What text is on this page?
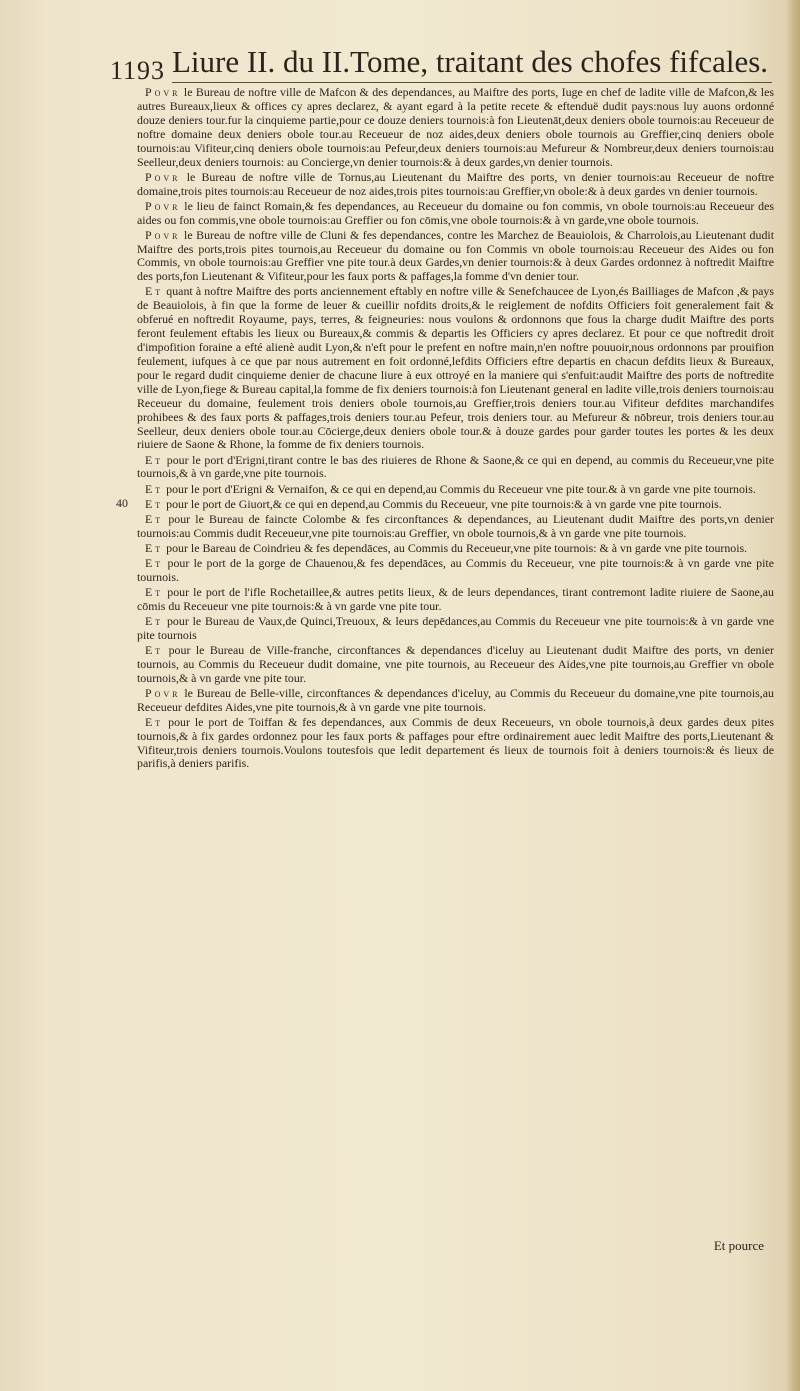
1193 Liure II. du II.Tome, traitant des chofes fifcales.
40

Povr le Bureau de noftre ville de Mafcon & des dependances, au Maiftre des ports, Iuge en chef de ladite ville de Mafcon,& les autres Bureaux,lieux & offices cy apres declarez, & ayant egard à la petite recete & eftenduë dudit pays:nous luy auons ordonné douze deniers tour.fur la cinquieme partie,pour ce douze deniers tournois:à fon Lieutenāt,deux deniers obole tournois:au Receueur de noftre domaine deux deniers obole tour.au Receueur de noz aides,deux deniers obole tournois au Greffier,cinq deniers obole tournois:au Vifiteur,cinq deniers obole tournois:au Pefeur,deux deniers tournois:au Mefureur & Nombreur,deux deniers tournois:au Seelleur,deux deniers tournois: au Concierge,vn denier tournois:& à deux gardes,vn denier tournois.

Povr le Bureau de noftre ville de Tornus,au Lieutenant du Maiftre des ports, vn denier tournois:au Receueur de noftre domaine,trois pites tournois:au Receueur de noz aides,trois pites tournois:au Greffier,vn obole:& à deux gardes vn denier tournois.

Povr le lieu de fainct Romain,& fes dependances, au Receueur du domaine ou fon commis, vn obole tournois:au Receueur des aides ou fon commis,vne obole tournois:au Greffier ou fon cōmis,vne obole tournois:& à vn garde,vne obole tournois.

Povr le Bureau de noftre ville de Cluni & fes dependances, contre les Marchez de Beauiolois, & Charrolois,au Lieutenant dudit Maiftre des ports,trois pites tournois,au Receueur du domaine ou fon Commis vn obole tournois:au Receueur des Aides ou fon Commis, vn obole tournois:au Greffier vne pite tour.à deux Gardes,vn denier tournois:& à deux Gardes ordonnez à noftredit Maiftre des ports,fon Lieutenant & Vifiteur,pour les faux ports & paffages,la fomme d'vn denier tour.

Et quant à noftre Maiftre des ports anciennement eftably en noftre ville & Senefchaucee de Lyon,és Bailliages de Mafcon ,& pays de Beauiolois, à fin que la forme de leuer & cueillir nofdits droits,& le reiglement de nofdits Officiers foit generalement fait & obferué en noftredit Royaume, pays, terres, & feigneuries: nous voulons & ordonnons que fous la charge dudit Maiftre des ports feront feulement eftabis les lieux ou Bureaux,& commis & departis les Officiers cy apres declarez. Et pour ce que noftredit droit d'impofition foraine a efté alienè audit Lyon,& n'eft pour le prefent en noftre main,n'en noftre pouuoir,nous ordonnons par prouifion feulement, iufques à ce que par nous autrement en foit ordonné,lefdits Officiers eftre departis en chacun defdits lieux & Bureaux, pour le regard dudit cinquieme denier de chacune liure à eux ottroyé en la maniere qui s'enfuit:audit Maiftre des ports de noftredite ville de Lyon,fiege & Bureau capital,la fomme de fix deniers tournois:à fon Lieutenant general en ladite ville,trois deniers tournois:au Receueur du domaine, feulement trois deniers obole tournois,au Greffier,trois deniers tour.au Vifiteur defdites marchandifes prohibees & des faux ports & paffages,trois deniers tour.au Pefeur, trois deniers tour. au Mefureur & nōbreur, trois deniers tour.au Seelleur, deux deniers obole tour.au Cōcierge,deux deniers obole tour.& à douze gardes pour garder toutes les portes & les deux riuiere de Saone & Rhone, la fomme de fix deniers tournois.

Et pour le port d'Erigni,tirant contre le bas des riuieres de Rhone & Saone,& ce qui en depend, au commis du Receueur,vne pite tournois,& à vn garde,vne pite tournois.

Et pour le port d'Erigni & Vernaifon, & ce qui en depend,au Commis du Receueur vne pite tour.& à vn garde vne pite tournois.

Et pour le port de Giuort,& ce qui en depend,au Commis du Receueur, vne pite tournois:& à vn garde vne pite tournois.

Et pour le Bureau de faincte Colombe & fes circonftances & dependances, au Lieutenant dudit Maiftre des ports,vn denier tournois:au Commis dudit Receueur,vne pite tournois:au Greffier, vn obole tournois,& à vn garde vne pite tournois.

Et pour le Bareau de Coindrieu & fes dependāces, au Commis du Receueur,vne pite tournois: & à vn garde vne pite tournois.

Et pour le port de la gorge de Chauenou,& fes dependāces, au Commis du Receueur, vne pite tournois:& à vn garde vne pite tournois.

Et pour le port de l'ifle Rochetaillee,& autres petits lieux, & de leurs dependances, tirant contremont ladite riuiere de Saone,au cōmis du Receueur vne pite tournois:& à vn garde vne pite tour.

Et pour le Bureau de Vaux,de Quinci,Treuoux, & leurs depēdances,au Commis du Receueur vne pite tournois:& à vn garde vne pite tournois

Et pour le Bureau de Ville-franche, circonftances & dependances d'iceluy au Lieutenant dudit Maiftre des ports, vn denier tournois, au Commis du Receueur dudit domaine, vne pite tournois, au Receueur des Aides,vne pite tournois,au Greffier vn obole tournois,& à vn garde vne pite tour.

Povr le Bureau de Belle-ville, circonftances & dependances d'iceluy, au Commis du Receueur du domaine,vne pite tournois,au Receueur defdites Aides,vne pite tournois,& à vn garde vne pite tournois.

Et pour le port de Toiffan & fes dependances, aux Commis de deux Receueurs, vn obole tournois,à deux gardes deux pites tournois,& à fix gardes ordonnez pour les faux ports & paffages pour eftre ordinairement auec ledit Maiftre des ports,Lieutenant & Vifiteur,trois deniers tournois.Voulons toutesfois que ledit departement és lieux de tournois foit à deniers tournois:& és lieux de parifis,à deniers parifis.

Et pource
